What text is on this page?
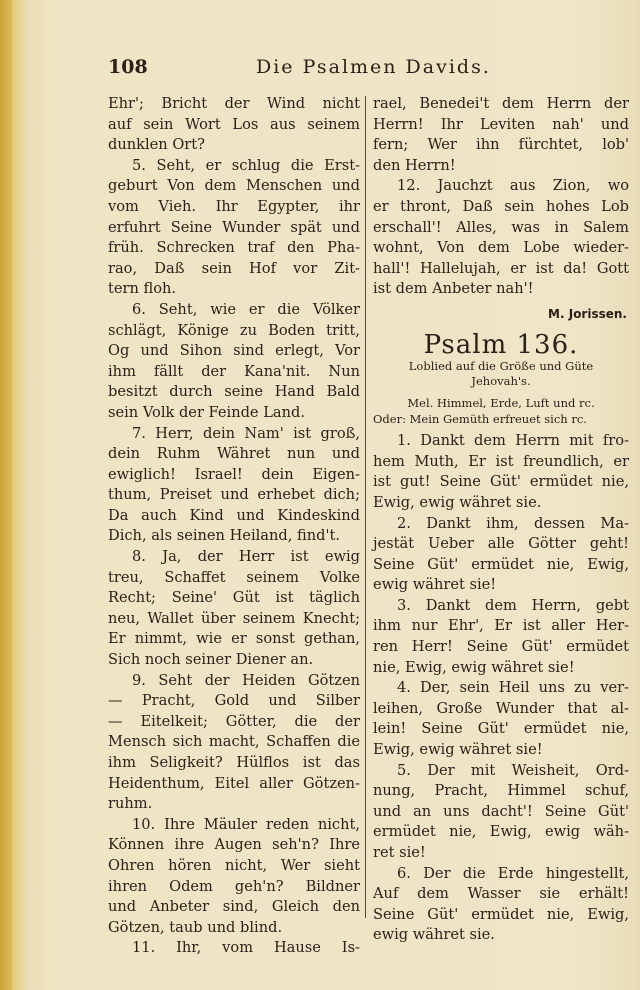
108	Die Psalmen Davids.
Ehr'; Bricht der Wind nicht
auf sein Wort Los aus seinem
dunklen Ort?
5. Seht, er schlug die Erst-
geburt Von dem Menschen und
vom Vieh. Ihr Egypter, ihr
erfuhrt Seine Wunder spät und
früh. Schrecken traf den Pha-
rao, Daß sein Hof vor Zit-
tern floh.
6. Seht, wie er die Völker
schlägt, Könige zu Boden tritt,
Og und Sihon sind erlegt, Vor
ihm fällt der Kana'nit. Nun
besitzt durch seine Hand Bald
sein Volk der Feinde Land.
7. Herr, dein Nam' ist groß,
dein Ruhm Währet nun und
ewiglich! Israel! dein Eigen-
thum, Preiset und erhebet dich;
Da auch Kind und Kindeskind
Dich, als seinen Heiland, find't.
8. Ja, der Herr ist ewig
treu, Schaffet seinem Volke
Recht; Seine' Güt ist täglich
neu, Wallet über seinem Knecht;
Er nimmt, wie er sonst gethan,
Sich noch seiner Diener an.
9. Seht der Heiden Götzen
— Pracht, Gold und Silber
— Eitelkeit; Götter, die der
Mensch sich macht, Schaffen die
ihm Seligkeit? Hülflos ist das
Heidenthum, Eitel aller Götzen-
ruhm.
10. Ihre Mäuler reden nicht,
Können ihre Augen seh'n? Ihre
Ohren hören nicht, Wer sieht
ihren Odem geh'n? Bildner
und Anbeter sind, Gleich den
Götzen, taub und blind.
11. Ihr, vom Hause Is-
rael, Benedei't dem Herrn der
Herrn! Ihr Leviten nah' und
fern; Wer ihn fürchtet, lob'
den Herrn!
12. Jauchzt aus Zion, wo
er thront, Daß sein hohes Lob
erschall'! Alles, was in Salem
wohnt, Von dem Lobe wieder-
hall'! Hallelujah, er ist da! Gott
ist dem Anbeter nah'!
M. Jorissen.
Psalm 136.
Loblied auf die Größe und Güte
Jehovah's.
Mel. Himmel, Erde, Luft und rc.
Oder: Mein Gemüth erfreuet sich rc.
1. Dankt dem Herrn mit fro-
hem Muth, Er ist freundlich, er
ist gut! Seine Güt' ermüdet nie,
Ewig, ewig währet sie.
2. Dankt ihm, dessen Ma-
jestät Ueber alle Götter geht!
Seine Güt' ermüdet nie, Ewig,
ewig währet sie!
3. Dankt dem Herrn, gebt
ihm nur Ehr', Er ist aller Her-
ren Herr! Seine Güt' ermüdet
nie, Ewig, ewig währet sie!
4. Der, sein Heil uns zu ver-
leihen, Große Wunder that al-
lein! Seine Güt' ermüdet nie,
Ewig, ewig währet sie!
5. Der mit Weisheit, Ord-
nung, Pracht, Himmel schuf,
und an uns dacht'! Seine Güt'
ermüdet nie, Ewig, ewig wäh-
ret sie!
6. Der die Erde hingestellt,
Auf dem Wasser sie erhält!
Seine Güt' ermüdet nie, Ewig,
ewig währet sie.
